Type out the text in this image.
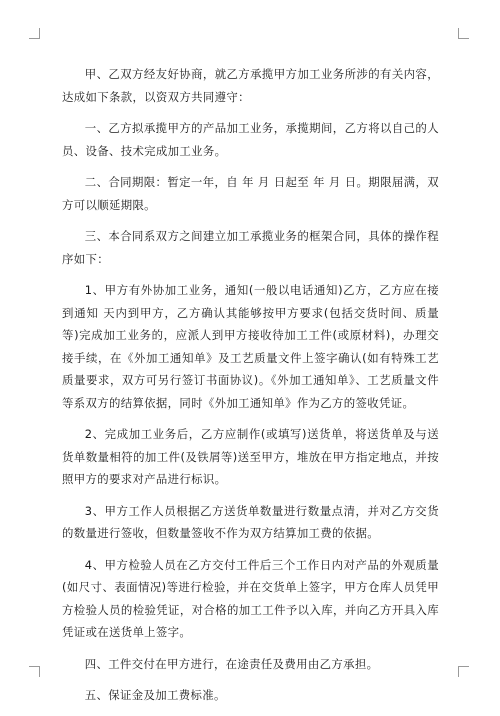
甲、乙双方经友好协商，就乙方承揽甲方加工业务所涉的有关内容，达成如下条款，以资双方共同遵守：

一、乙方拟承揽甲方的产品加工业务，承揽期间，乙方将以自己的人员、设备、技术完成加工业务。

二、合同期限：暂定一年，自 年 月 日起至 年 月 日。期限届满，双方可以顺延期限。

三、本合同系双方之间建立加工承揽业务的框架合同，具体的操作程序如下：

1、甲方有外协加工业务，通知(一般以电话通知)乙方，乙方应在接到通知 天内到甲方，乙方确认其能够按甲方要求(包括交货时间、质量等)完成加工业务的，应派人到甲方接收待加工工件(或原材料)，办理交接手续，在《外加工通知单》及工艺质量文件上签字确认(如有特殊工艺质量要求，双方可另行签订书面协议)。《外加工通知单》、工艺质量文件等系双方的结算依据，同时《外加工通知单》作为乙方的签收凭证。

2、完成加工业务后，乙方应制作(或填写)送货单，将送货单及与送货单数量相符的加工件(及铁屑等)送至甲方，堆放在甲方指定地点，并按照甲方的要求对产品进行标识。

3、甲方工作人员根据乙方送货单数量进行数量点清，并对乙方交货的数量进行签收，但数量签收不作为双方结算加工费的依据。

4、甲方检验人员在乙方交付工件后三个工作日内对产品的外观质量(如尺寸、表面情况)等进行检验，并在交货单上签字，甲方仓库人员凭甲方检验人员的检验凭证，对合格的加工工件予以入库，并向乙方开具入库凭证或在送货单上签字。

四、工件交付在甲方进行，在途责任及费用由乙方承担。

五、保证金及加工费标准。
